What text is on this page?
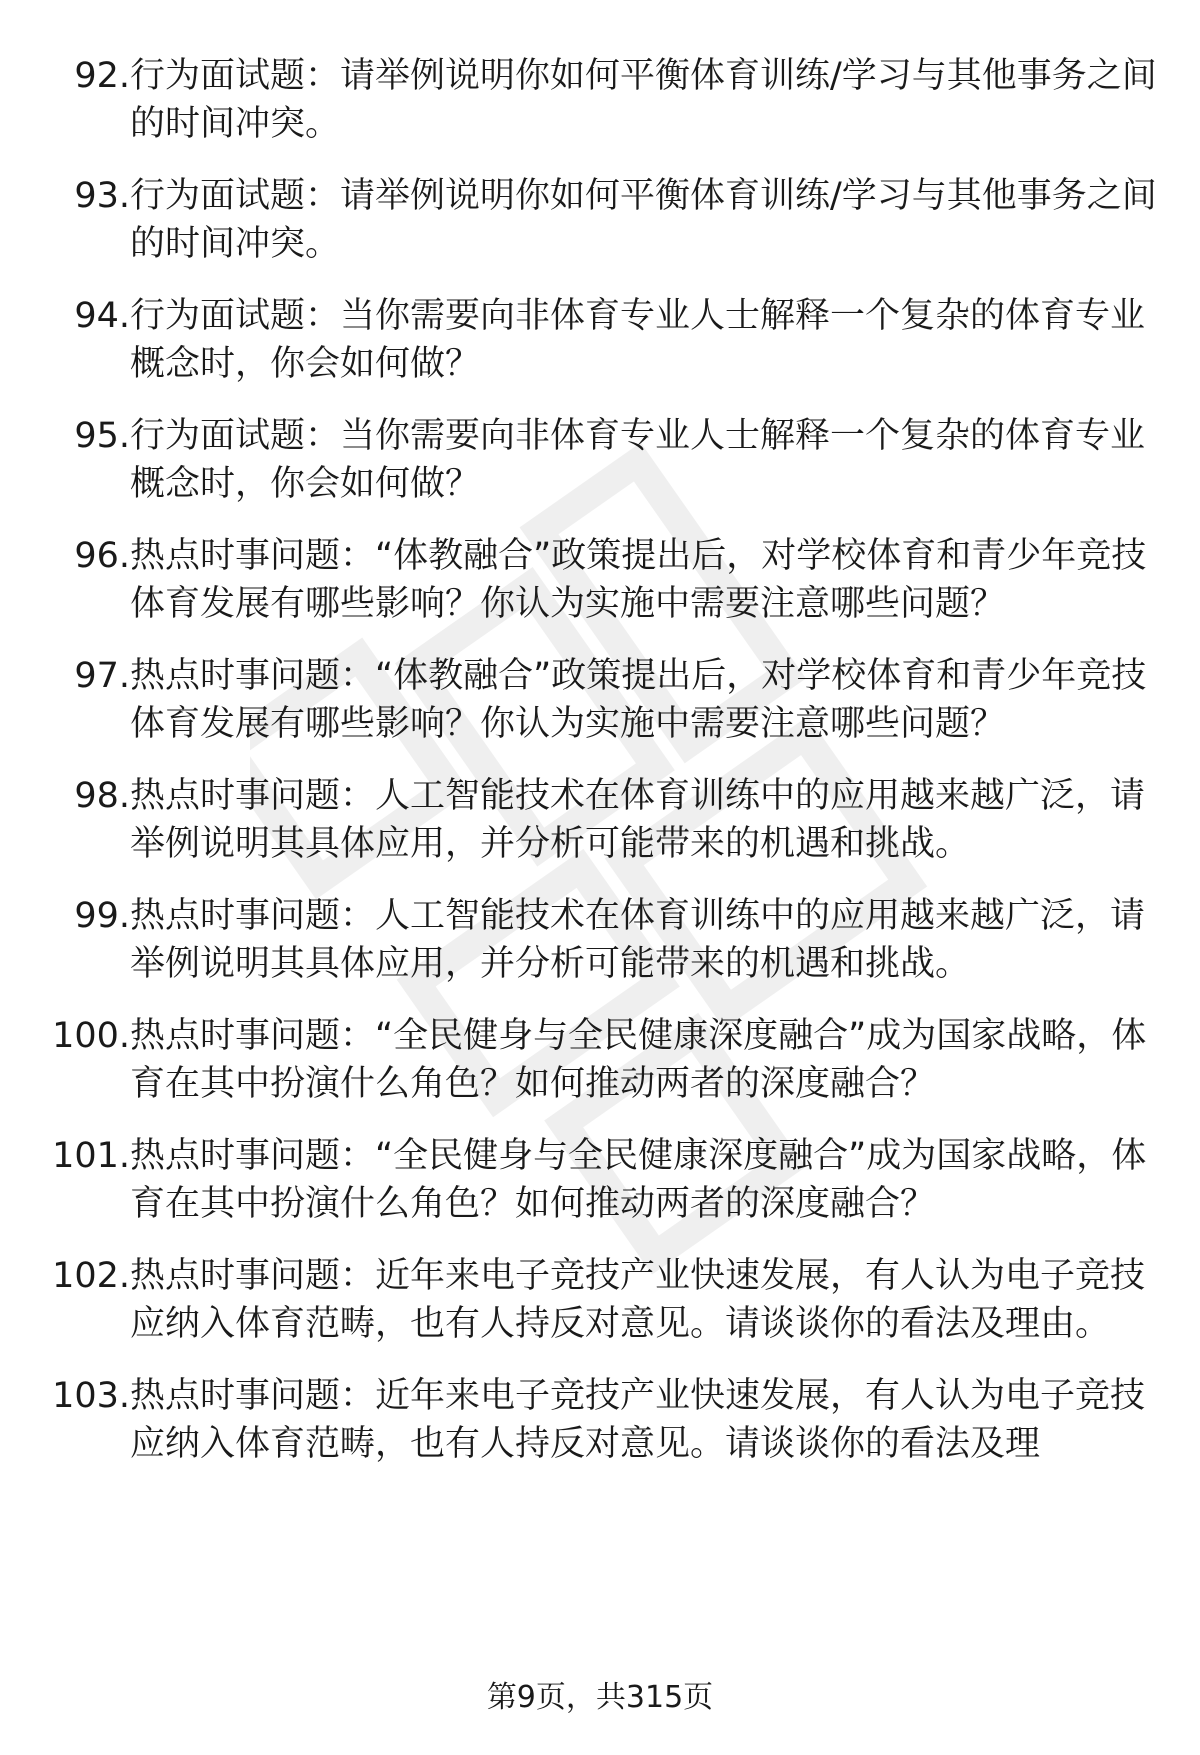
92. 行为面试题：请举例说明你如何平衡体育训练/学习与其他事务之间的时间冲突。
93. 行为面试题：请举例说明你如何平衡体育训练/学习与其他事务之间的时间冲突。
94. 行为面试题：当你需要向非体育专业人士解释一个复杂的体育专业概念时，你会如何做？
95. 行为面试题：当你需要向非体育专业人士解释一个复杂的体育专业概念时，你会如何做？
96. 热点时事问题：“体教融合”政策提出后，对学校体育和青少年竞技体育发展有哪些影响？你认为实施中需要注意哪些问题？
97. 热点时事问题：“体教融合”政策提出后，对学校体育和青少年竞技体育发展有哪些影响？你认为实施中需要注意哪些问题？
98. 热点时事问题：人工智能技术在体育训练中的应用越来越广泛，请举例说明其具体应用，并分析可能带来的机遇和挑战。
99. 热点时事问题：人工智能技术在体育训练中的应用越来越广泛，请举例说明其具体应用，并分析可能带来的机遇和挑战。
100. 热点时事问题：“全民健身与全民健康深度融合”成为国家战略，体育在其中扮演什么角色？如何推动两者的深度融合？
101. 热点时事问题：“全民健身与全民健康深度融合”成为国家战略，体育在其中扮演什么角色？如何推动两者的深度融合？
102. 热点时事问题：近年来电子竞技产业快速发展，有人认为电子竞技应纳入体育范畴，也有人持反对意见。请谈谈你的看法及理由。
103. 热点时事问题：近年来电子竞技产业快速发展，有人认为电子竞技应纳入体育范畴，也有人持反对意见。请谈谈你的看法及理
第9页，共315页
